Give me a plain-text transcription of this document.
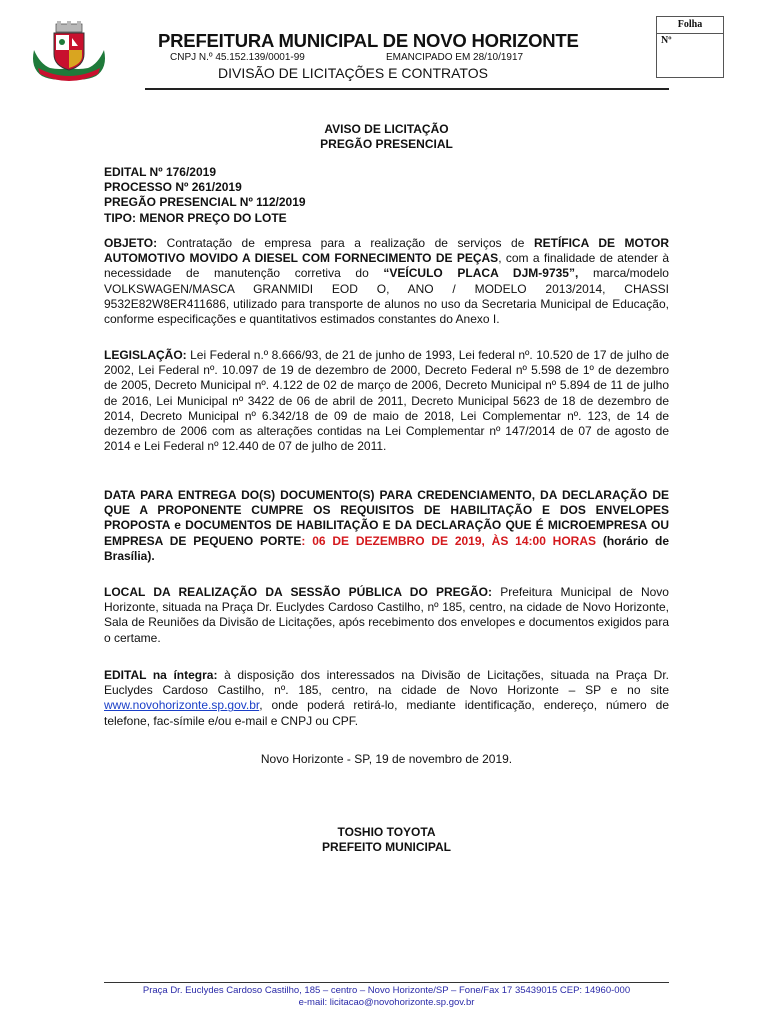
PREFEITURA MUNICIPAL DE NOVO HORIZONTE
CNPJ N.º 45.152.139/0001-99	EMANCIPADO EM 28/10/1917
DIVISÃO DE LICITAÇÕES E CONTRATOS
Folha
Nº
AVISO DE LICITAÇÃO
PREGÃO PRESENCIAL
EDITAL Nº 176/2019
PROCESSO Nº 261/2019
PREGÃO PRESENCIAL Nº 112/2019
TIPO: MENOR PREÇO DO LOTE
OBJETO: Contratação de empresa para a realização de serviços de RETÍFICA DE MOTOR AUTOMOTIVO MOVIDO A DIESEL COM FORNECIMENTO DE PEÇAS, com a finalidade de atender à necessidade de manutenção corretiva do “VEÍCULO PLACA DJM-9735”, marca/modelo VOLKSWAGEN/MASCA GRANMIDI EOD O, ANO / MODELO 2013/2014, CHASSI 9532E82W8ER411686, utilizado para transporte de alunos no uso da Secretaria Municipal de Educação, conforme especificações e quantitativos estimados constantes do Anexo I.
LEGISLAÇÃO: Lei Federal n.º 8.666/93, de 21 de junho de 1993, Lei federal nº. 10.520 de 17 de julho de 2002, Lei Federal nº. 10.097 de 19 de dezembro de 2000, Decreto Federal nº 5.598 de 1º de dezembro de 2005, Decreto Municipal nº. 4.122 de 02 de março de 2006, Decreto Municipal nº 5.894 de 11 de julho de 2016, Lei Municipal nº 3422 de 06 de abril de 2011, Decreto Municipal 5623 de 18 de dezembro de 2014, Decreto Municipal nº 6.342/18 de 09 de maio de 2018, Lei Complementar nº. 123, de 14 de dezembro de 2006 com as alterações contidas na Lei Complementar nº 147/2014 de 07 de agosto de 2014 e Lei Federal nº 12.440 de 07 de julho de 2011.
DATA PARA ENTREGA DO(S) DOCUMENTO(S) PARA CREDENCIAMENTO, DA DECLARAÇÃO DE QUE A PROPONENTE CUMPRE OS REQUISITOS DE HABILITAÇÃO E DOS ENVELOPES PROPOSTA e DOCUMENTOS DE HABILITAÇÃO E DA DECLARAÇÃO QUE É MICROEMPRESA OU EMPRESA DE PEQUENO PORTE: 06 DE DEZEMBRO DE 2019, ÀS 14:00 HORAS (horário de Brasília).
LOCAL DA REALIZAÇÃO DA SESSÃO PÚBLICA DO PREGÃO: Prefeitura Municipal de Novo Horizonte, situada na Praça Dr. Euclydes Cardoso Castilho, nº 185, centro, na cidade de Novo Horizonte, Sala de Reuniões da Divisão de Licitações, após recebimento dos envelopes e documentos exigidos para o certame.
EDITAL na íntegra: à disposição dos interessados na Divisão de Licitações, situada na Praça Dr. Euclydes Cardoso Castilho, nº. 185, centro, na cidade de Novo Horizonte – SP e no site www.novohorizonte.sp.gov.br, onde poderá retirá-lo, mediante identificação, endereço, número de telefone, fac-símile e/ou e-mail e CNPJ ou CPF.
Novo Horizonte - SP, 19 de novembro de 2019.
TOSHIO TOYOTA
PREFEITO MUNICIPAL
Praça Dr. Euclydes Cardoso Castilho, 185 – centro – Novo Horizonte/SP – Fone/Fax 17 35439015 CEP: 14960-000
e-mail: licitacao@novohorizonte.sp.gov.br
